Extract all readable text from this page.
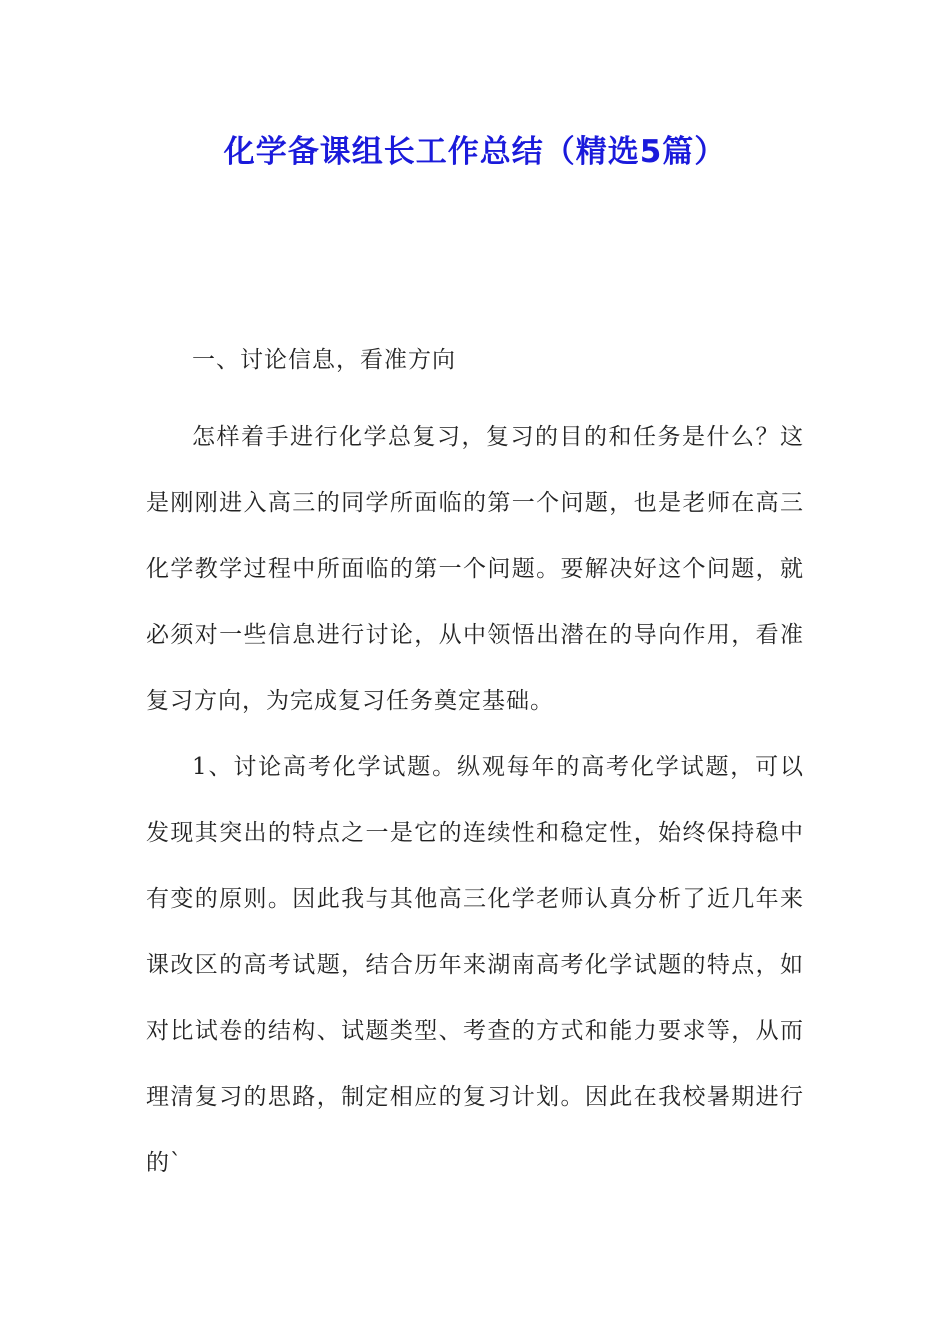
化学备课组长工作总结（精选5篇）

一、讨论信息，看准方向

怎样着手进行化学总复习，复习的目的和任务是什么？这是刚刚进入高三的同学所面临的第一个问题，也是老师在高三化学教学过程中所面临的第一个问题。要解决好这个问题，就必须对一些信息进行讨论，从中领悟出潜在的导向作用，看准复习方向，为完成复习任务奠定基础。

1、讨论高考化学试题。纵观每年的高考化学试题，可以发现其突出的特点之一是它的连续性和稳定性，始终保持稳中有变的原则。因此我与其他高三化学老师认真分析了近几年来课改区的高考试题，结合历年来湖南高考化学试题的特点，如对比试卷的结构、试题类型、考查的方式和能力要求等，从而理清复习的思路，制定相应的复习计划。因此在我校暑期进行的`
